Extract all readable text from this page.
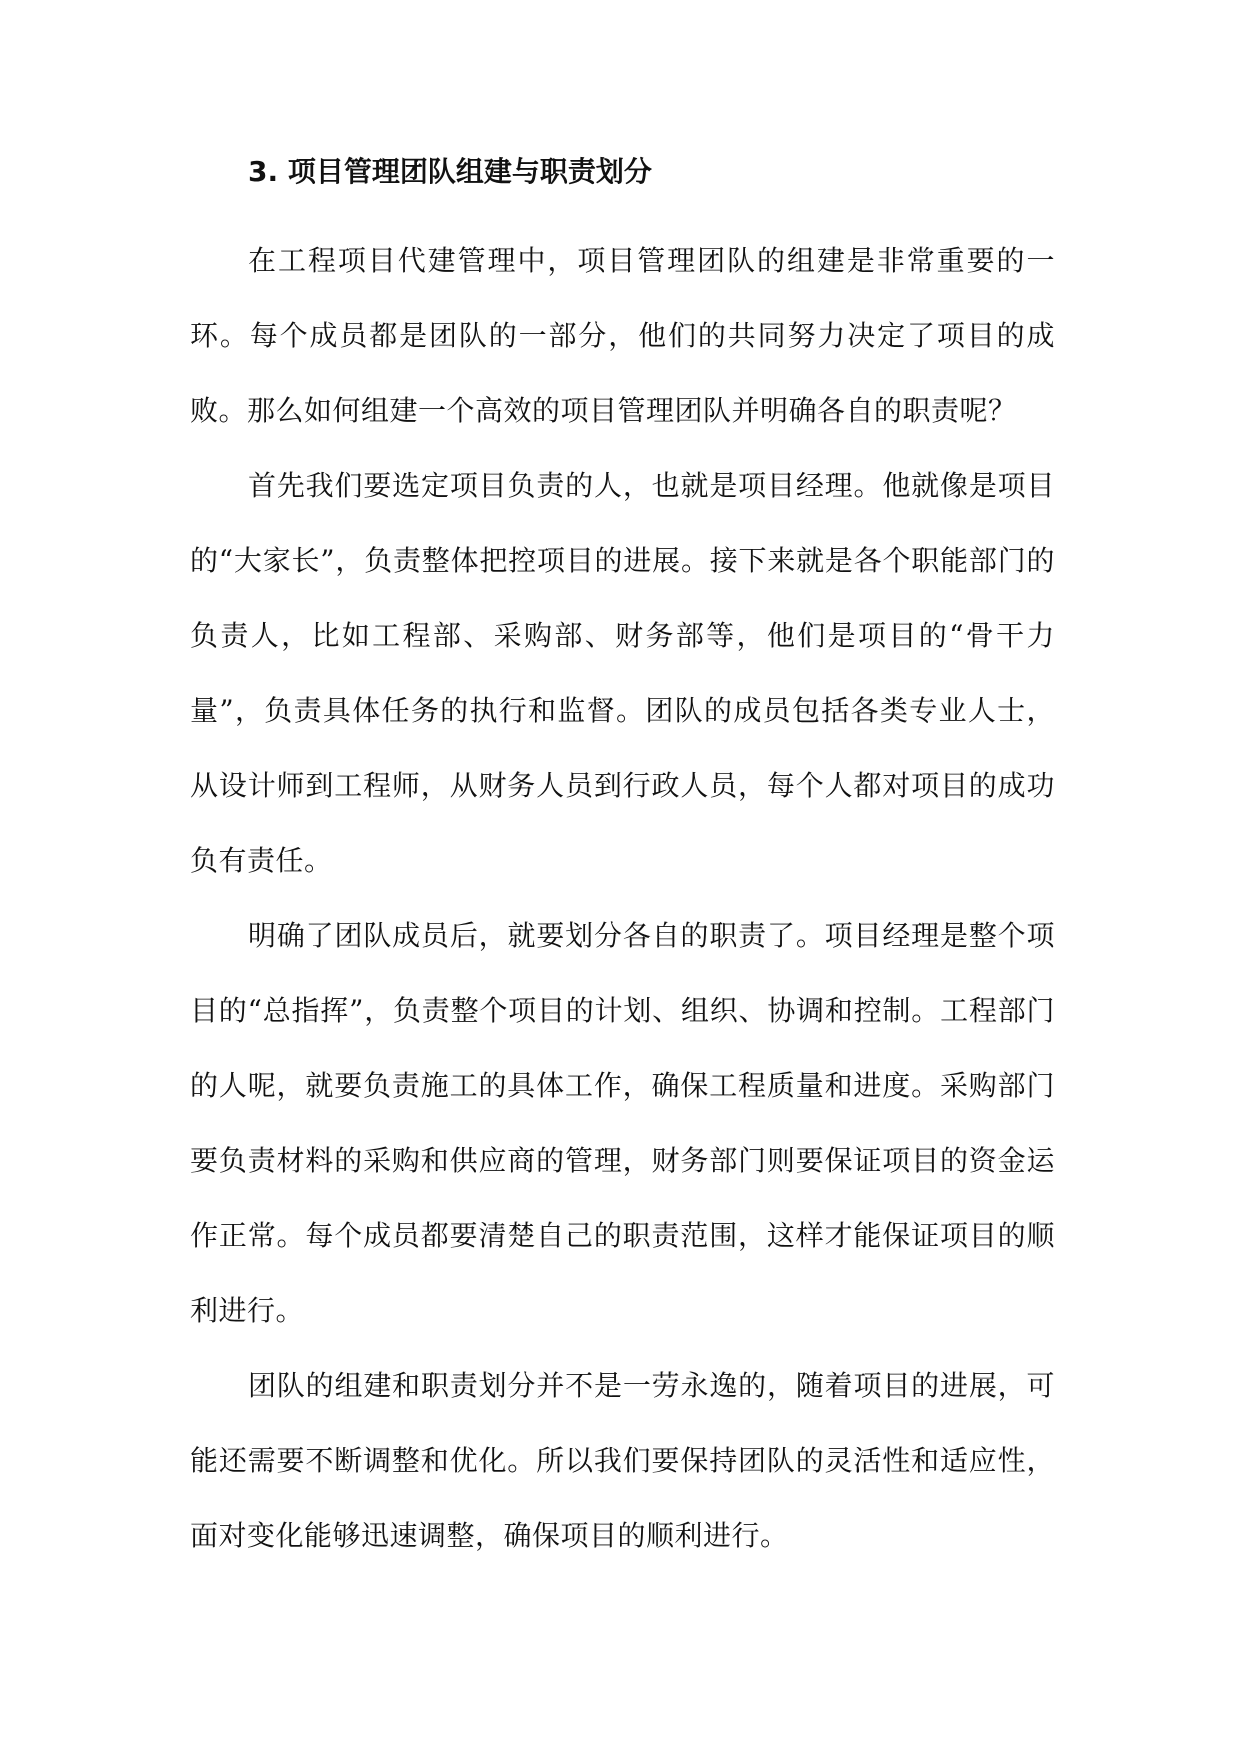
3. 项目管理团队组建与职责划分

在工程项目代建管理中，项目管理团队的组建是非常重要的一环。每个成员都是团队的一部分，他们的共同努力决定了项目的成败。那么如何组建一个高效的项目管理团队并明确各自的职责呢？

首先我们要选定项目负责的人，也就是项目经理。他就像是项目的“大家长”，负责整体把控项目的进展。接下来就是各个职能部门的负责人，比如工程部、采购部、财务部等，他们是项目的“骨干力量”，负责具体任务的执行和监督。团队的成员包括各类专业人士，从设计师到工程师，从财务人员到行政人员，每个人都对项目的成功负有责任。

明确了团队成员后，就要划分各自的职责了。项目经理是整个项目的“总指挥”，负责整个项目的计划、组织、协调和控制。工程部门的人呢，就要负责施工的具体工作，确保工程质量和进度。采购部门要负责材料的采购和供应商的管理，财务部门则要保证项目的资金运作正常。每个成员都要清楚自己的职责范围，这样才能保证项目的顺利进行。

团队的组建和职责划分并不是一劳永逸的，随着项目的进展，可能还需要不断调整和优化。所以我们要保持团队的灵活性和适应性，面对变化能够迅速调整，确保项目的顺利进行。
